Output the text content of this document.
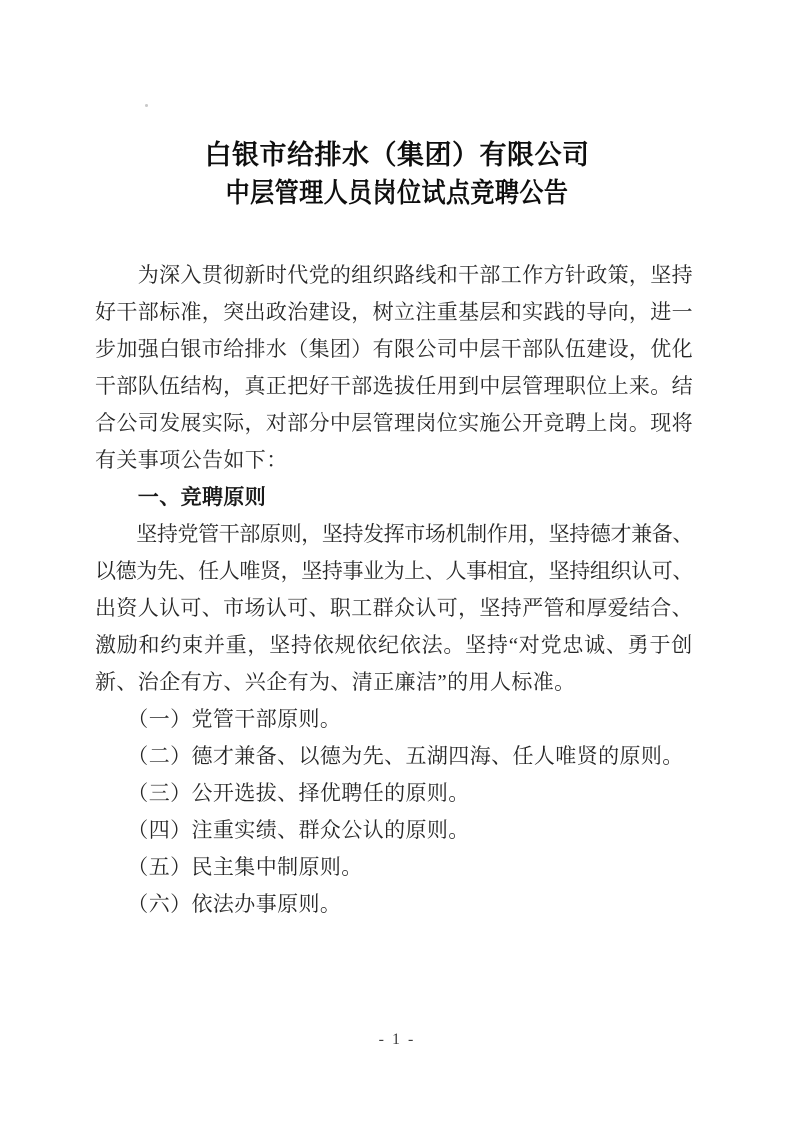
白银市给排水（集团）有限公司
中层管理人员岗位试点竞聘公告
　　为深入贯彻新时代党的组织路线和干部工作方针政策，坚持
好干部标准，突出政治建设，树立注重基层和实践的导向，进一
步加强白银市给排水（集团）有限公司中层干部队伍建设，优化
干部队伍结构，真正把好干部选拔任用到中层管理职位上来。结
合公司发展实际，对部分中层管理岗位实施公开竞聘上岗。现将
有关事项公告如下：
　　一、竞聘原则
　　坚持党管干部原则，坚持发挥市场机制作用，坚持德才兼备、
以德为先、任人唯贤，坚持事业为上、人事相宜，坚持组织认可、
出资人认可、市场认可、职工群众认可，坚持严管和厚爱结合、
激励和约束并重，坚持依规依纪依法。坚持“对党忠诚、勇于创
新、治企有方、兴企有为、清正廉洁”的用人标准。
　　（一）党管干部原则。
　　（二）德才兼备、以德为先、五湖四海、任人唯贤的原则。
　　（三）公开选拔、择优聘任的原则。
　　（四）注重实绩、群众公认的原则。
　　（五）民主集中制原则。
　　（六）依法办事原则。
- 1 -
